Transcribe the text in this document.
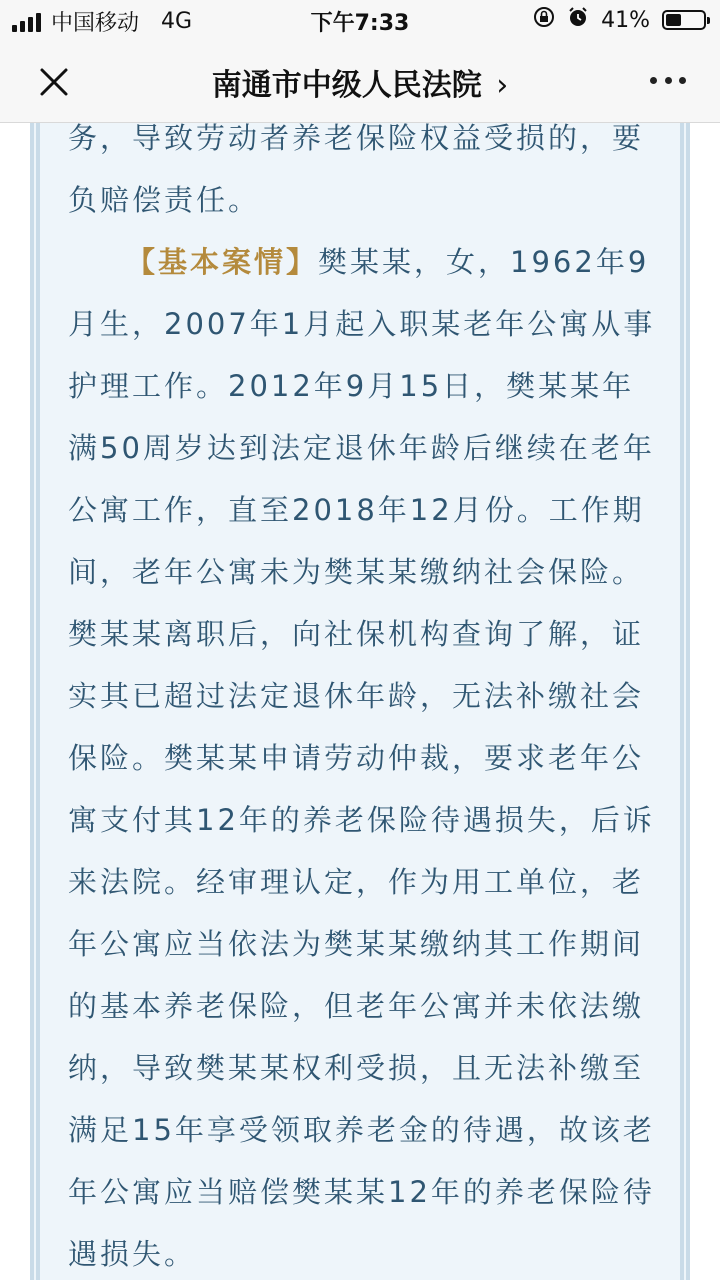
中国移动 4G	下午7:33	41%
南通市中级人民法院 ›

务，导致劳动者养老保险权益受损的，要负赔偿责任。

【基本案情】樊某某，女，1962年9月生，2007年1月起入职某老年公寓从事护理工作。2012年9月15日，樊某某年满50周岁达到法定退休年龄后继续在老年公寓工作，直至2018年12月份。工作期间，老年公寓未为樊某某缴纳社会保险。樊某某离职后，向社保机构查询了解，证实其已超过法定退休年龄，无法补缴社会保险。樊某某申请劳动仲裁，要求老年公寓支付其12年的养老保险待遇损失，后诉来法院。经审理认定，作为用工单位，老年公寓应当依法为樊某某缴纳其工作期间的基本养老保险，但老年公寓并未依法缴纳，导致樊某某权利受损，且无法补缴至满足15年享受领取养老金的待遇，故该老年公寓应当赔偿樊某某12年的养老保险待遇损失。
